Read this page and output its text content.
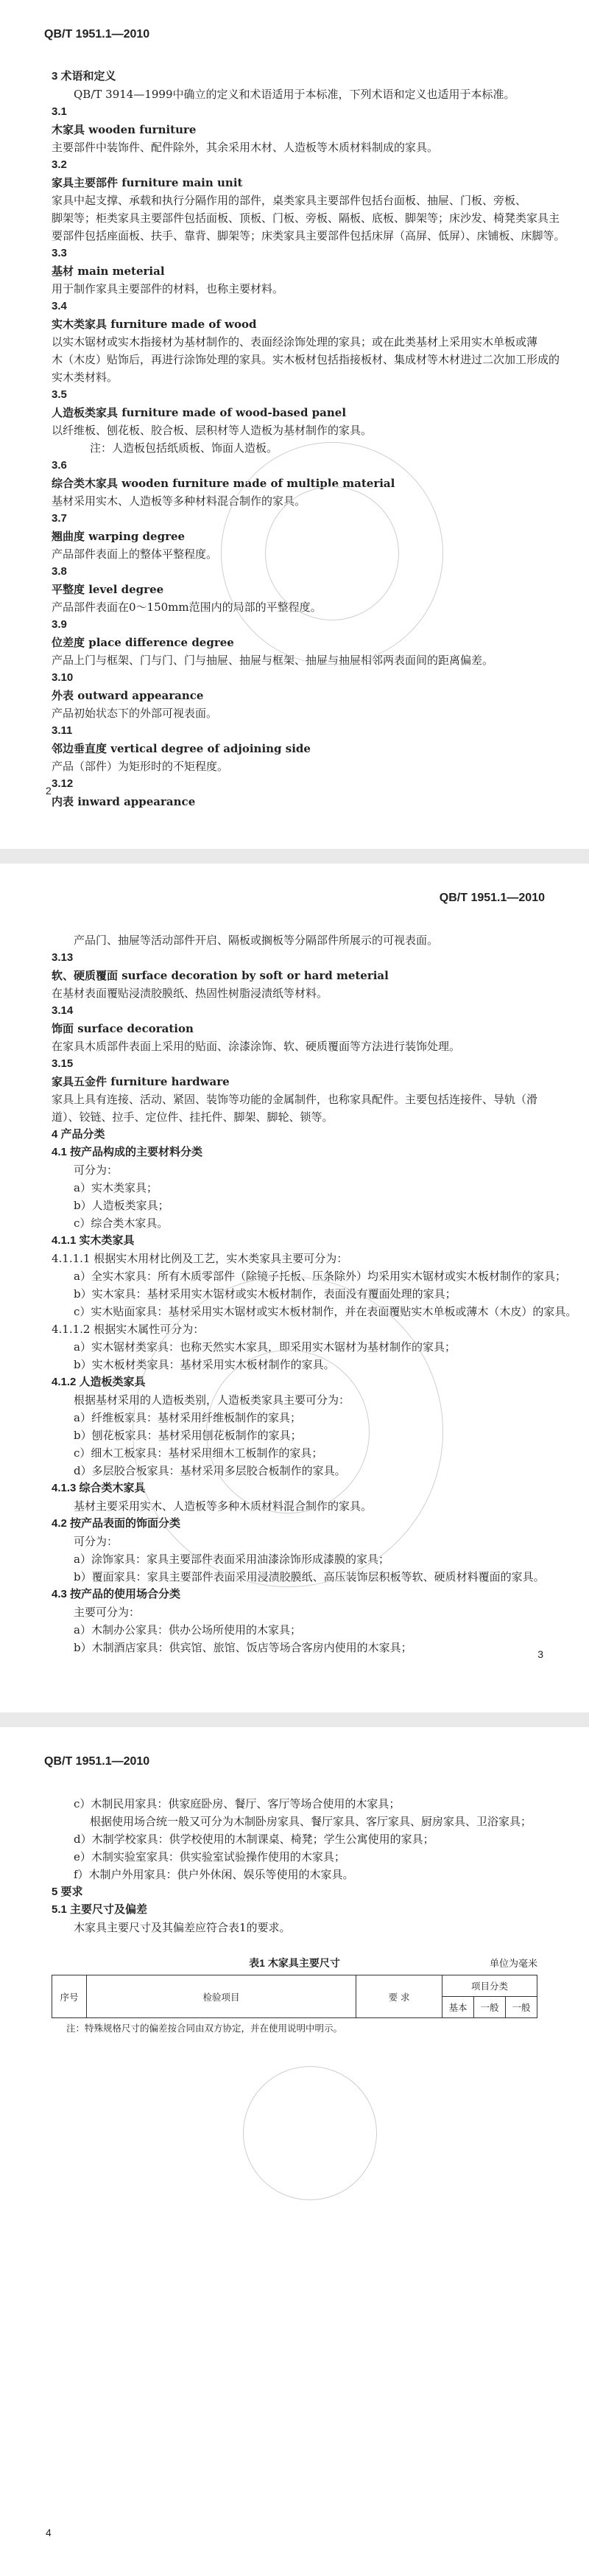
QB/T 1951.1—2010
3 术语和定义
QB/T 3914—1999中确立的定义和术语适用于本标准，下列术语和定义也适用于本标准。
3.1
木家具 wooden furniture
主要部件中装饰件、配件除外，其余采用木材、人造板等木质材料制成的家具。
3.2
家具主要部件 furniture main unit
家具中起支撑、承载和执行分隔作用的部件，桌类家具主要部件包括台面板、抽屉、门板、旁板、
脚架等；柜类家具主要部件包括面板、顶板、门板、旁板、隔板、底板、脚架等；床沙发、椅凳类家具主
要部件包括座面板、扶手、靠背、脚架等；床类家具主要部件包括床屏（高屏、低屏）、床铺板、床脚等。
3.3
基材 main meterial
用于制作家具主要部件的材料，也称主要材料。
3.4
实木类家具 furniture made of wood
以实木锯材或实木指接材为基材制作的、表面经涂饰处理的家具；或在此类基材上采用实木单板或薄
木（木皮）贴饰后，再进行涂饰处理的家具。实木板材包括指接板材、集成材等木材进过二次加工形成的
实木类材料。
3.5
人造板类家具 furniture made of wood-based panel
以纤维板、刨花板、胶合板、层积材等人造板为基材制作的家具。
注：人造板包括纸质板、饰面人造板。
3.6
综合类木家具 wooden furniture made of multiple material
基材采用实木、人造板等多种材料混合制作的家具。
3.7
翘曲度 warping degree
产品部件表面上的整体平整程度。
3.8
平整度 level degree
产品部件表面在0～150mm范围内的局部的平整程度。
3.9
位差度 place difference degree
产品上门与框架、门与门、门与抽屉、抽屉与框架、抽屉与抽屉相邻两表面间的距离偏差。
3.10
外表 outward appearance
产品初始状态下的外部可视表面。
3.11
邻边垂直度 vertical degree of adjoining side
产品（部件）为矩形时的不矩程度。
3.12
内表 inward appearance
2
QB/T 1951.1—2010
产品门、抽屉等活动部件开启、隔板或搁板等分隔部件所展示的可视表面。
3.13
软、硬质覆面 surface decoration by soft or hard meterial
在基材表面覆贴浸渍胶膜纸、热固性树脂浸渍纸等材料。
3.14
饰面 surface decoration
在家具木质部件表面上采用的贴面、涂漆涂饰、软、硬质覆面等方法进行装饰处理。
3.15
家具五金件 furniture hardware
家具上具有连接、活动、紧固、装饰等功能的金属制件，也称家具配件。主要包括连接件、导轨（滑
道）、铰链、拉手、定位件、挂托件、脚架、脚轮、锁等。
4 产品分类
4.1 按产品构成的主要材料分类
可分为：
a）实木类家具；
b）人造板类家具；
c）综合类木家具。
4.1.1 实木类家具
4.1.1.1 根据实木用材比例及工艺，实木类家具主要可分为：
a）全实木家具：所有木质零部件（除镜子托板、压条除外）均采用实木锯材或实木板材制作的家具；
b）实木家具：基材采用实木锯材或实木板材制作，表面没有覆面处理的家具；
c）实木贴面家具：基材采用实木锯材或实木板材制作，并在表面覆贴实木单板或薄木（木皮）的家具。
4.1.1.2 根据实木属性可分为：
a）实木锯材类家具：也称天然实木家具，即采用实木锯材为基材制作的家具；
b）实木板材类家具：基材采用实木板材制作的家具。
4.1.2 人造板类家具
根据基材采用的人造板类别，人造板类家具主要可分为：
a）纤维板家具：基材采用纤维板制作的家具；
b）刨花板家具：基材采用刨花板制作的家具；
c）细木工板家具：基材采用细木工板制作的家具；
d）多层胶合板家具：基材采用多层胶合板制作的家具。
4.1.3 综合类木家具
基材主要采用实木、人造板等多种木质材料混合制作的家具。
4.2 按产品表面的饰面分类
可分为：
a）涂饰家具：家具主要部件表面采用油漆涂饰形成漆膜的家具；
b）覆面家具：家具主要部件表面采用浸渍胶膜纸、高压装饰层积板等软、硬质材料覆面的家具。
4.3 按产品的使用场合分类
主要可分为：
a）木制办公家具：供办公场所使用的木家具；
b）木制酒店家具：供宾馆、旅馆、饭店等场合客房内使用的木家具；	3
QB/T 1951.1—2010
c）木制民用家具：供家庭卧房、餐厅、客厅等场合使用的木家具；
根据使用场合统一般又可分为木制卧房家具、餐厅家具、客厅家具、厨房家具、卫浴家具；
d）木制学校家具：供学校使用的木制课桌、椅凳；学生公寓使用的家具；
e）木制实验室家具：供实验室试验操作使用的木家具；
f）木制户外用家具：供户外休闲、娱乐等使用的木家具。
5 要求
5.1 主要尺寸及偏差
木家具主要尺寸及其偏差应符合表1的要求。
表1 木家具主要尺寸	单位为毫米
序号	检验项目	要 求	项目分类		
			基本	一般	一般
注：特殊规格尺寸的偏差按合同由双方协定，并在使用说明中明示。
4
